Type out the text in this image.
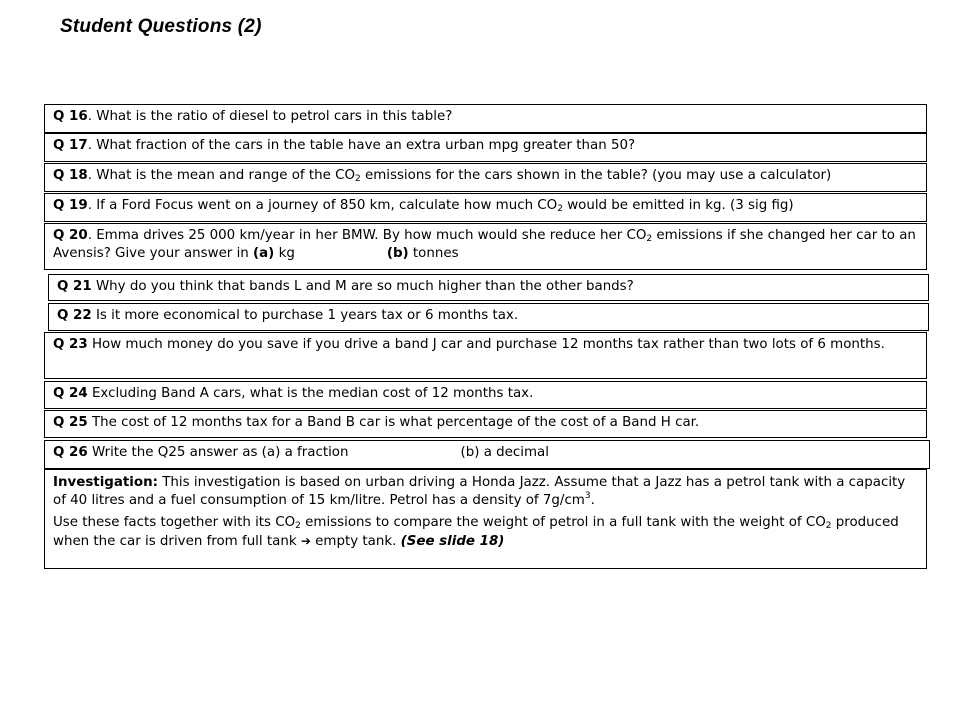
Student Questions (2)
Q 16. What is the ratio of diesel to petrol cars in this table?
Q 17. What fraction of the cars in the table have an extra urban mpg greater than 50?
Q 18. What is the mean and range of the $CO_2$ emissions for the cars shown in the table? (you may use a calculator)
Q 19. If a Ford Focus went on a journey of 850 km, calculate how much $CO_2$ would be emitted in kg. (3 sig fig)
Q 20. Emma drives 25 000 km/year in her BMW. By how much would she reduce her $CO_2$ emissions if she changed her car to an Avensis? Give your answer in (a) kg	(b) tonnes
Q 21 Why do you think that bands L and M are so much higher than the other bands?
Q 22 Is it more economical to purchase 1 years tax or 6 months tax.
Q 23 How much money do you save if you drive a band J car and purchase 12 months tax rather than two lots of 6 months.
Q 24 Excluding Band A cars, what is the median cost of 12 months tax.
Q 25 The cost of 12 months tax for a Band B car is what percentage of the cost of a Band H car.
Q 26 Write the Q25 answer as (a) a fraction	(b) a decimal

Investigation: This investigation is based on urban driving a Honda Jazz. Assume that a Jazz has a petrol tank with a capacity of 40 litres and a fuel consumption of 15 km/litre. Petrol has a density of $7g/cm^3$.

Use these facts together with its $CO_2$ emissions to compare the weight of petrol in a full tank with the weight of $CO_2$ produced when the car is driven from full tank ➔ empty tank. (See slide 18)
